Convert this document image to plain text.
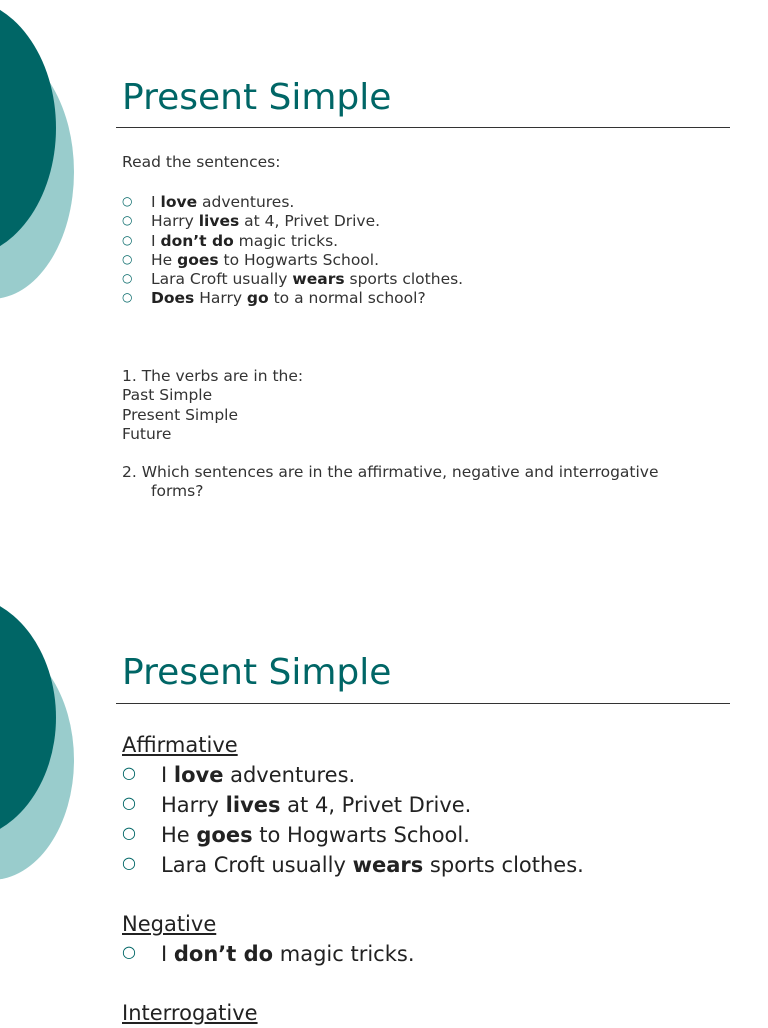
Present Simple

Read the sentences:

○ I love adventures.
○ Harry lives at 4, Privet Drive.
○ I don’t do magic tricks.
○ He goes to Hogwarts School.
○ Lara Croft usually wears sports clothes.
○ Does Harry go to a normal school?

1. The verbs are in the:

Past Simple

Present Simple

Future

2. Which sentences are in the affirmative, negative and interrogative
forms?
Present Simple

Affirmative

○ I love adventures.
○ Harry lives at 4, Privet Drive.
○ He goes to Hogwarts School.
○ Lara Croft usually wears sports clothes.

Negative

○ I don’t do magic tricks.

Interrogative
